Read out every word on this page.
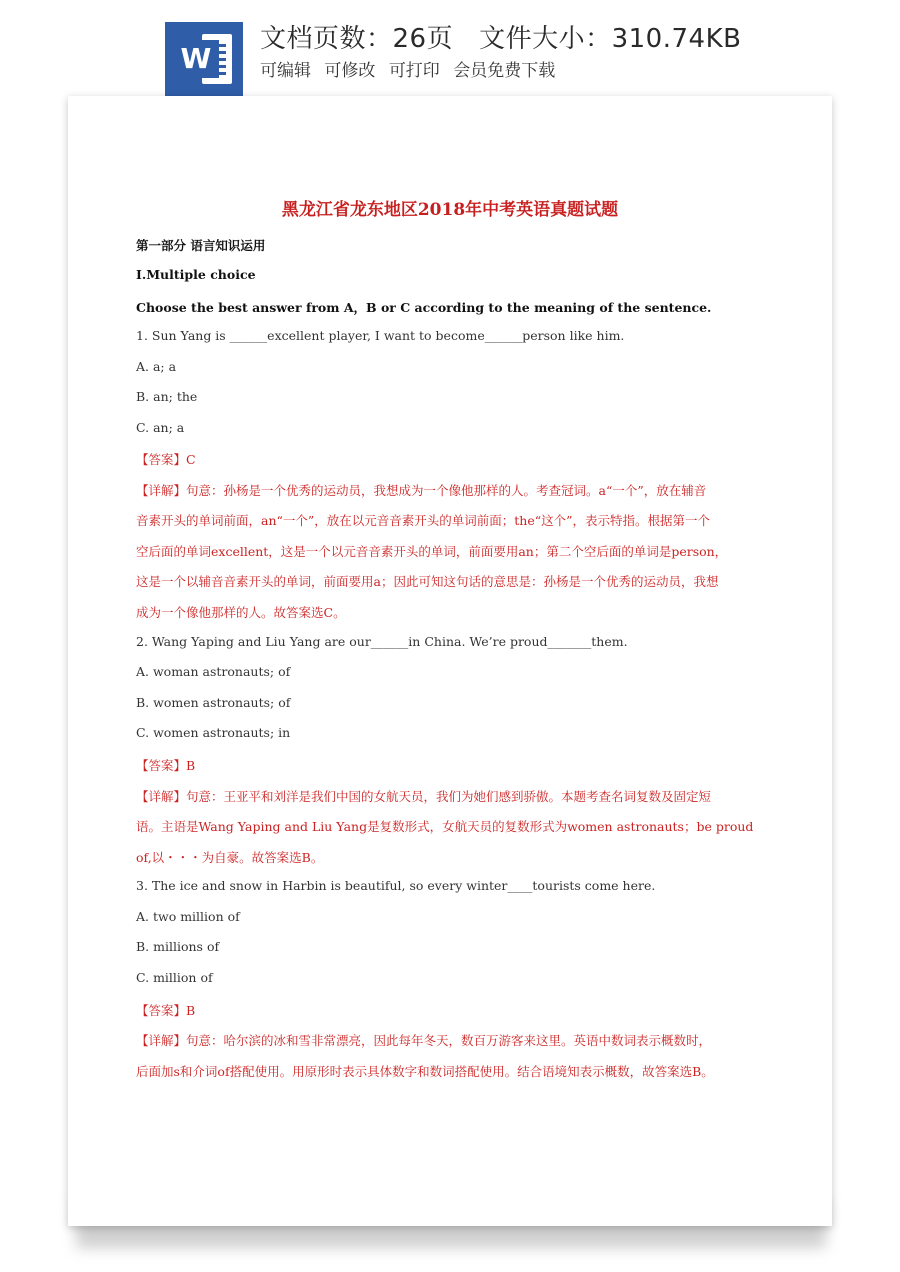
W
文档页数：26页 文件大小：310.74KB
可编辑 可修改 可打印 会员免费下载
黑龙江省龙东地区2018年中考英语真题试题

第一部分 语言知识运用

Ⅰ.Multiple choice

Choose the best answer from A，B or C according to the meaning of the sentence.

1. Sun Yang is ______excellent player, I want to become______person like him.

A. a; a

B. an; the

C. an; a

【答案】C

【详解】句意：孙杨是一个优秀的运动员，我想成为一个像他那样的人。考查冠词。a“一个”，放在辅音

音素开头的单词前面，an“一个”，放在以元音音素开头的单词前面；the“这个”，表示特指。根据第一个

空后面的单词excellent，这是一个以元音音素开头的单词，前面要用an；第二个空后面的单词是person，

这是一个以辅音音素开头的单词，前面要用a；因此可知这句话的意思是：孙杨是一个优秀的运动员，我想

成为一个像他那样的人。故答案选C。

2. Wang Yaping and Liu Yang are our______in China. We’re proud_______them.

A. woman astronauts; of

B. women astronauts; of

C. women astronauts; in

【答案】B

【详解】句意：王亚平和刘洋是我们中国的女航天员，我们为她们感到骄傲。本题考查名词复数及固定短

语。主语是Wang Yaping and Liu Yang是复数形式，女航天员的复数形式为women astronauts；be proud

of,以・・・为自豪。故答案选B。

3. The ice and snow in Harbin is beautiful, so every winter____tourists come here.

A. two million of

B. millions of

C. million of

【答案】B

【详解】句意：哈尔滨的冰和雪非常漂亮，因此每年冬天，数百万游客来这里。英语中数词表示概数时，

后面加s和介词of搭配使用。用原形时表示具体数字和数词搭配使用。结合语境知表示概数，故答案选B。
